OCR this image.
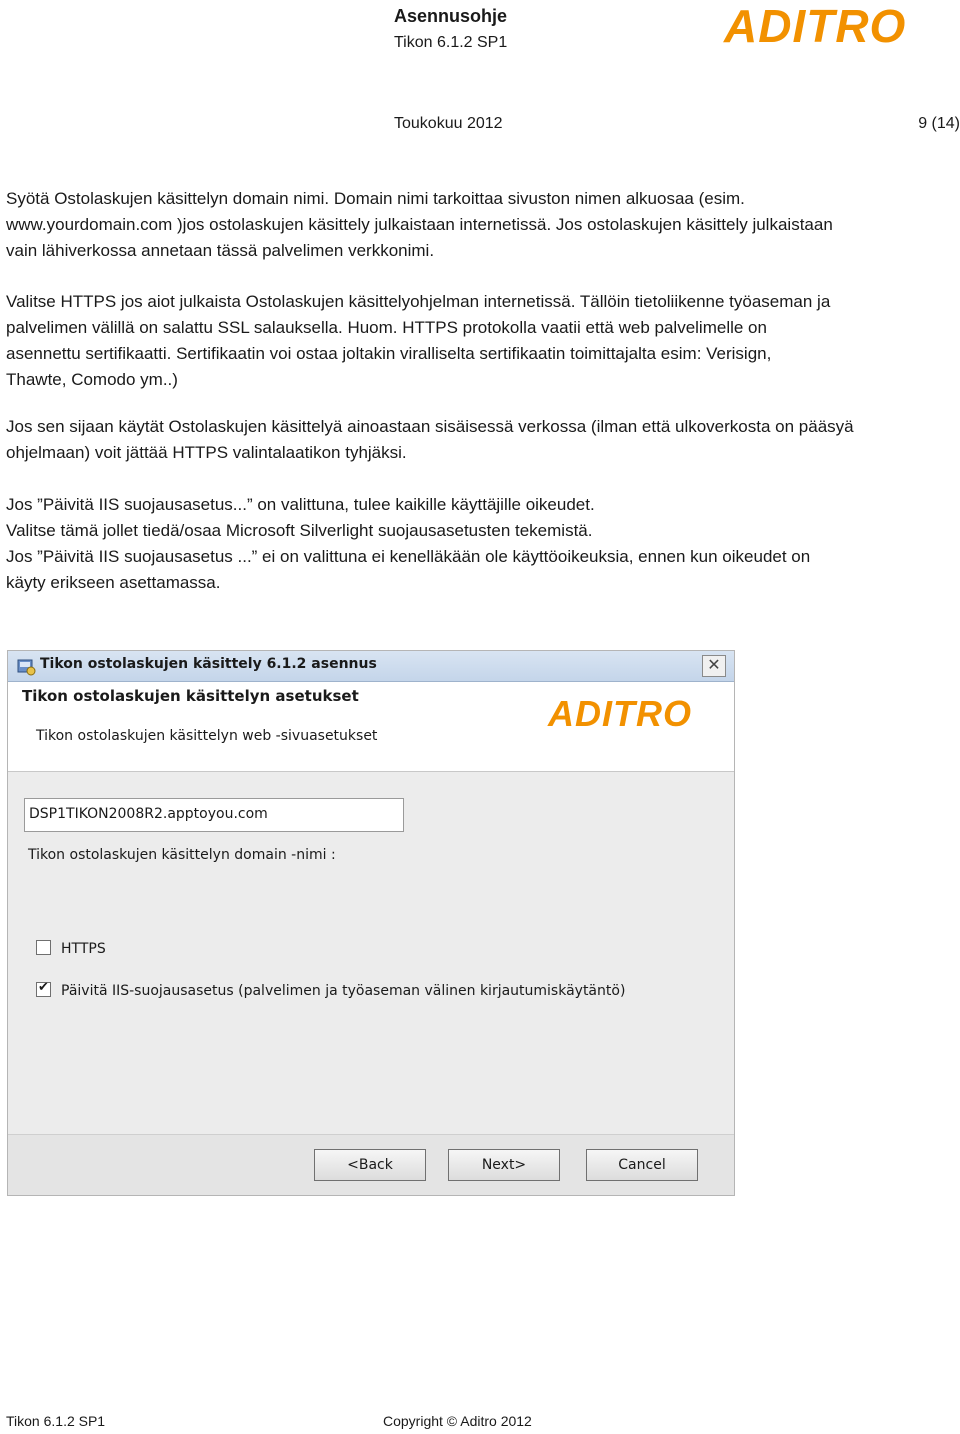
Asennusohje
Tikon 6.1.2 SP1	ADITRO
Toukokuu 2012	9 (14)
Syötä Ostolaskujen käsittelyn domain nimi. Domain nimi tarkoittaa sivuston nimen alkuosaa (esim.
www.yourdomain.com )jos ostolaskujen käsittely julkaistaan internetissä. Jos ostolaskujen käsittely julkaistaan
vain lähiverkossa annetaan tässä palvelimen verkkonimi.
Valitse HTTPS jos aiot julkaista Ostolaskujen käsittelyohjelman internetissä. Tällöin tietoliikenne työaseman ja
palvelimen välillä on salattu SSL salauksella. Huom. HTTPS protokolla vaatii että web palvelimelle on
asennettu sertifikaatti. Sertifikaatin voi ostaa joltakin viralliselta sertifikaatin toimittajalta esim: Verisign,
Thawte, Comodo ym..)
Jos sen sijaan käytät Ostolaskujen käsittelyä ainoastaan sisäisessä verkossa (ilman että ulkoverkosta on pääsyä
ohjelmaan) voit jättää HTTPS valintalaatikon tyhjäksi.
Jos ”Päivitä IIS suojausasetus...” on valittuna, tulee kaikille käyttäjille oikeudet.
Valitse tämä jollet tiedä/osaa Microsoft Silverlight suojausasetusten tekemistä.
Jos ”Päivitä IIS suojausasetus ...” ei on valittuna ei kenelläkään ole käyttöoikeuksia, ennen kun oikeudet on
käyty erikseen asettamassa.
Tikon ostolaskujen käsittely 6.1.2 asennus	✕
Tikon ostolaskujen käsittelyn asetukset
Tikon ostolaskujen käsittelyn web -sivuasetukset
ADITRO
DSP1TIKON2008R2.apptoyou.com
Tikon ostolaskujen käsittelyn domain -nimi :
HTTPS
✔ Päivitä IIS-suojausasetus (palvelimen ja työaseman välinen kirjautumiskäytäntö)
<Back	Next>	Cancel
Tikon 6.1.2 SP1	Copyright © Aditro 2012
